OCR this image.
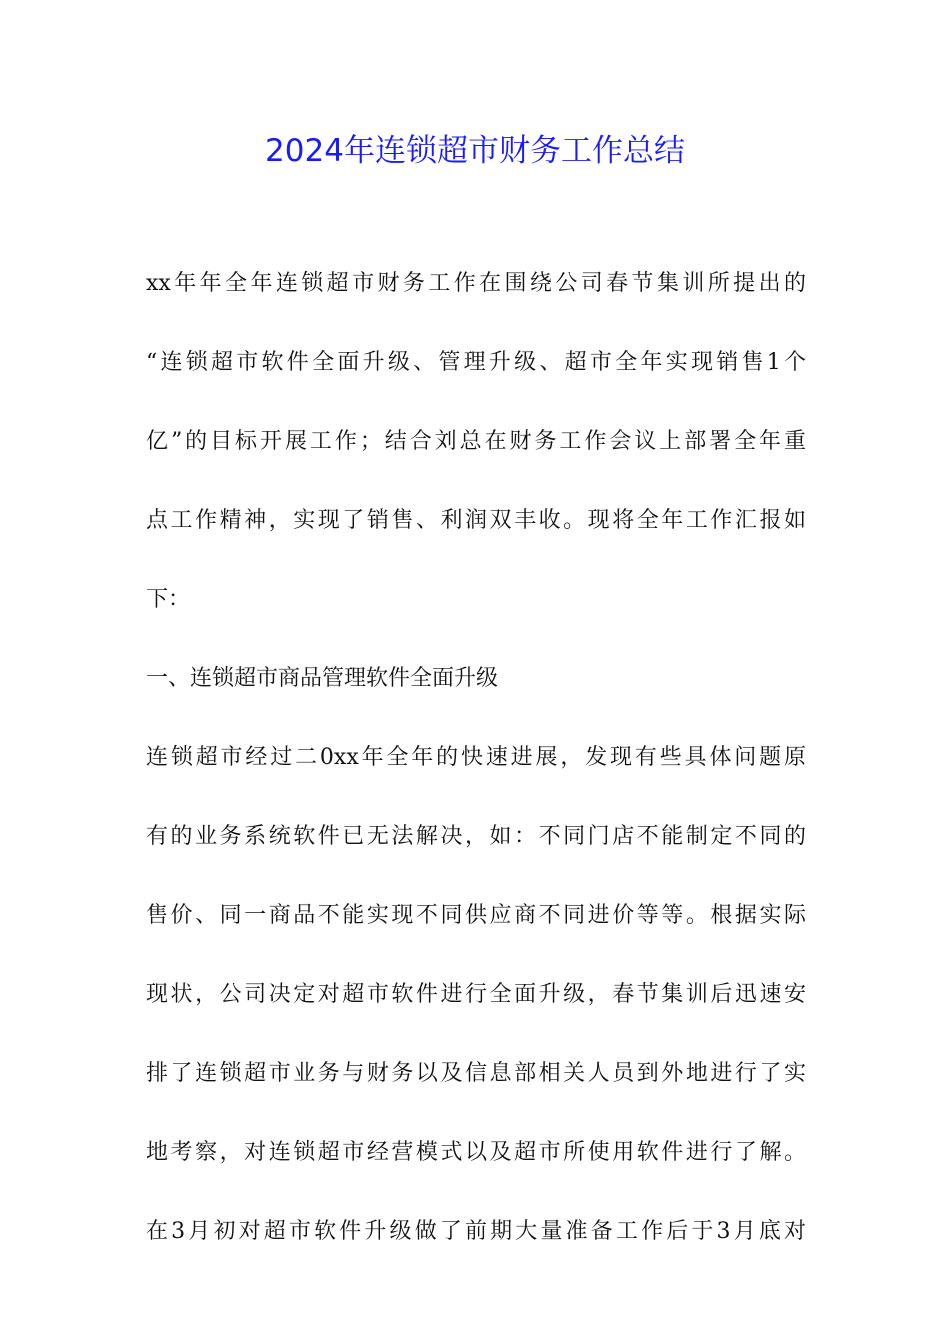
2024年连锁超市财务工作总结
xx年年全年连锁超市财务工作在围绕公司春节集训所提出的
“连锁超市软件全面升级、管理升级、超市全年实现销售1个
亿”的目标开展工作；结合刘总在财务工作会议上部署全年重
点工作精神，实现了销售、利润双丰收。现将全年工作汇报如
下：
一、连锁超市商品管理软件全面升级
连锁超市经过二0xx年全年的快速进展，发现有些具体问题原
有的业务系统软件已无法解决，如：不同门店不能制定不同的
售价、同一商品不能实现不同供应商不同进价等等。根据实际
现状，公司决定对超市软件进行全面升级，春节集训后迅速安
排了连锁超市业务与财务以及信息部相关人员到外地进行了实
地考察，对连锁超市经营模式以及超市所使用软件进行了解。
在3月初对超市软件升级做了前期大量准备工作后于3月底对
